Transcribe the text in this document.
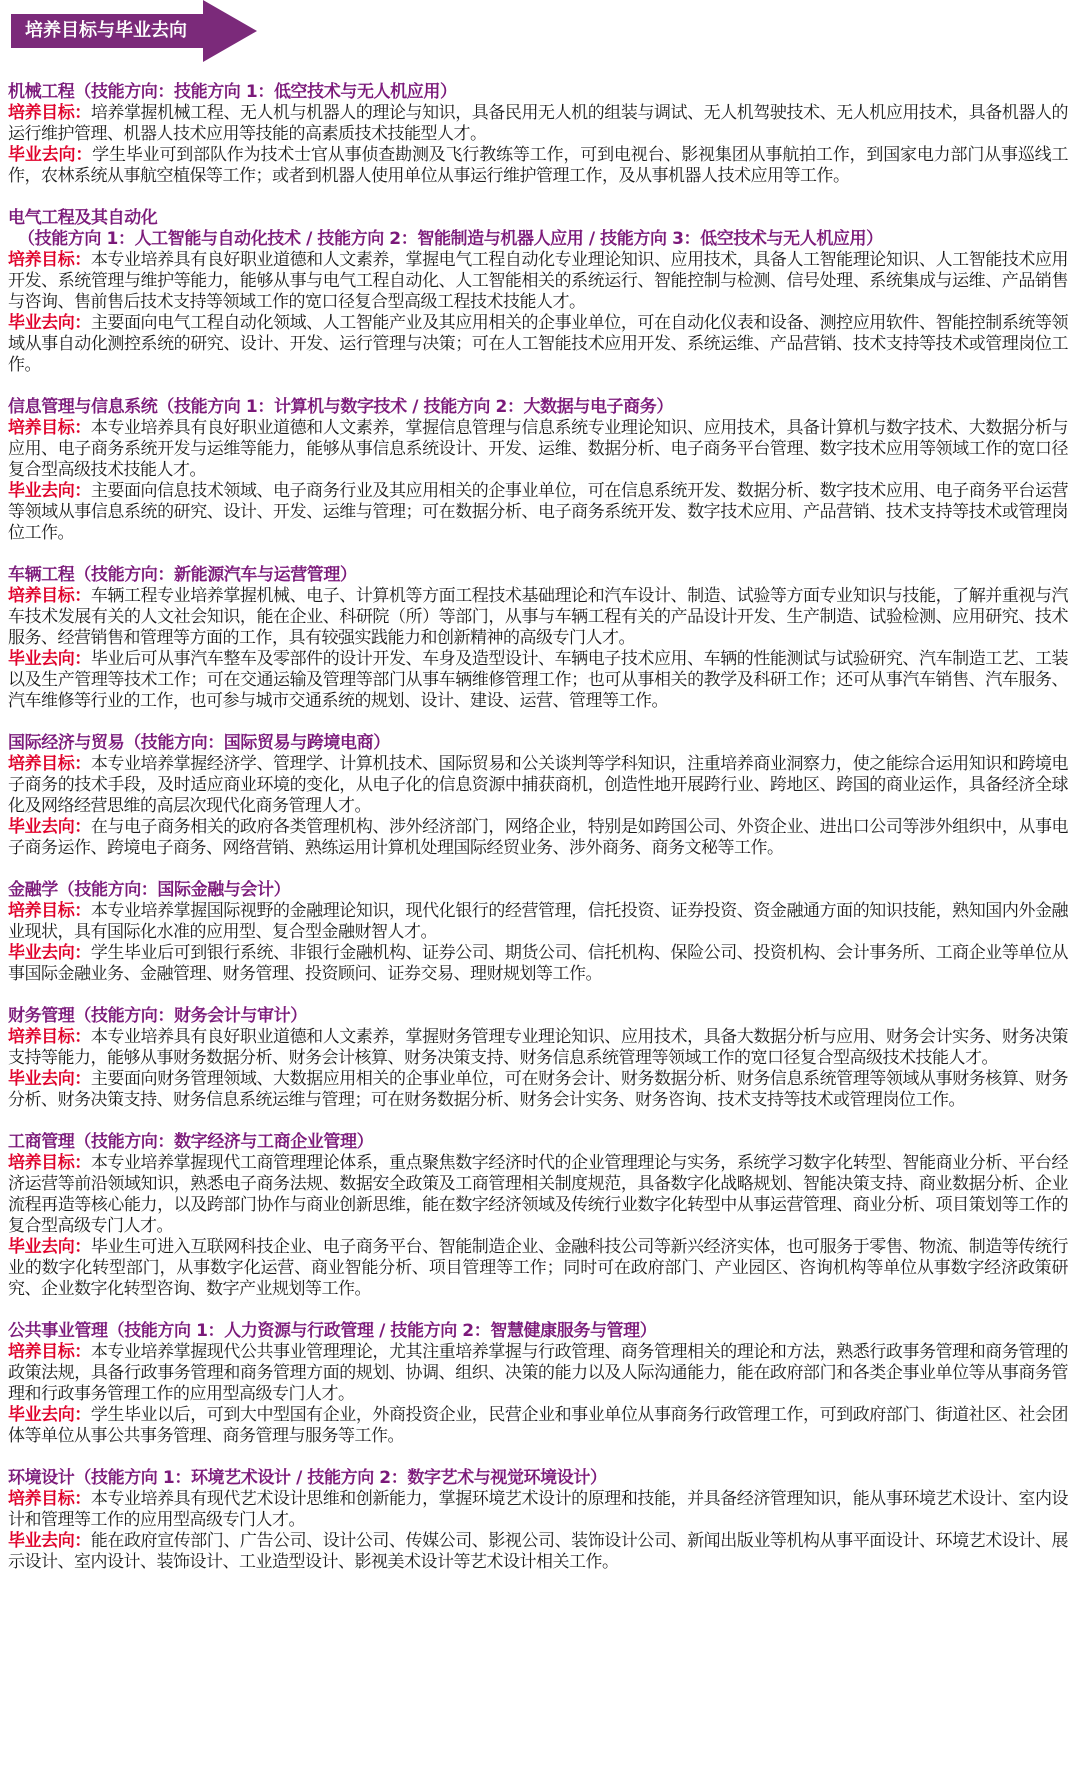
培养目标与毕业去向
机械工程（技能方向：技能方向 1：低空技术与无人机应用）
培养目标：培养掌握机械工程、无人机与机器人的理论与知识，具备民用无人机的组装与调试、无人机驾驶技术、无人机应用技术，具备机器人的运行维护管理、机器人技术应用等技能的高素质技术技能型人才。
毕业去向：学生毕业可到部队作为技术士官从事侦查勘测及飞行教练等工作，可到电视台、影视集团从事航拍工作，到国家电力部门从事巡线工作，农林系统从事航空植保等工作；或者到机器人使用单位从事运行维护管理工作，及从事机器人技术应用等工作。
电气工程及其自动化
（技能方向 1：人工智能与自动化技术 / 技能方向 2：智能制造与机器人应用 / 技能方向 3：低空技术与无人机应用）
培养目标：本专业培养具有良好职业道德和人文素养，掌握电气工程自动化专业理论知识、应用技术，具备人工智能理论知识、人工智能技术应用开发、系统管理与维护等能力，能够从事与电气工程自动化、人工智能相关的系统运行、智能控制与检测、信号处理、系统集成与运维、产品销售与咨询、售前售后技术支持等领域工作的宽口径复合型高级工程技术技能人才。
毕业去向：主要面向电气工程自动化领域、人工智能产业及其应用相关的企事业单位，可在自动化仪表和设备、测控应用软件、智能控制系统等领域从事自动化测控系统的研究、设计、开发、运行管理与决策；可在人工智能技术应用开发、系统运维、产品营销、技术支持等技术或管理岗位工作。
信息管理与信息系统（技能方向 1：计算机与数字技术 / 技能方向 2：大数据与电子商务）
培养目标：本专业培养具有良好职业道德和人文素养，掌握信息管理与信息系统专业理论知识、应用技术，具备计算机与数字技术、大数据分析与应用、电子商务系统开发与运维等能力，能够从事信息系统设计、开发、运维、数据分析、电子商务平台管理、数字技术应用等领域工作的宽口径复合型高级技术技能人才。
毕业去向：主要面向信息技术领域、电子商务行业及其应用相关的企事业单位，可在信息系统开发、数据分析、数字技术应用、电子商务平台运营等领域从事信息系统的研究、设计、开发、运维与管理；可在数据分析、电子商务系统开发、数字技术应用、产品营销、技术支持等技术或管理岗位工作。
车辆工程（技能方向：新能源汽车与运营管理）
培养目标：车辆工程专业培养掌握机械、电子、计算机等方面工程技术基础理论和汽车设计、制造、试验等方面专业知识与技能，了解并重视与汽车技术发展有关的人文社会知识，能在企业、科研院（所）等部门，从事与车辆工程有关的产品设计开发、生产制造、试验检测、应用研究、技术服务、经营销售和管理等方面的工作，具有较强实践能力和创新精神的高级专门人才。
毕业去向：毕业后可从事汽车整车及零部件的设计开发、车身及造型设计、车辆电子技术应用、车辆的性能测试与试验研究、汽车制造工艺、工装以及生产管理等技术工作；可在交通运输及管理等部门从事车辆维修管理工作；也可从事相关的教学及科研工作；还可从事汽车销售、汽车服务、汽车维修等行业的工作，也可参与城市交通系统的规划、设计、建设、运营、管理等工作。
国际经济与贸易（技能方向：国际贸易与跨境电商）
培养目标：本专业培养掌握经济学、管理学、计算机技术、国际贸易和公关谈判等学科知识，注重培养商业洞察力，使之能综合运用知识和跨境电子商务的技术手段，及时适应商业环境的变化，从电子化的信息资源中捕获商机，创造性地开展跨行业、跨地区、跨国的商业运作，具备经济全球化及网络经营思维的高层次现代化商务管理人才。
毕业去向：在与电子商务相关的政府各类管理机构、涉外经济部门，网络企业，特别是如跨国公司、外资企业、进出口公司等涉外组织中，从事电子商务运作、跨境电子商务、网络营销、熟练运用计算机处理国际经贸业务、涉外商务、商务文秘等工作。
金融学（技能方向：国际金融与会计）
培养目标：本专业培养掌握国际视野的金融理论知识，现代化银行的经营管理，信托投资、证券投资、资金融通方面的知识技能，熟知国内外金融业现状，具有国际化水准的应用型、复合型金融财智人才。
毕业去向：学生毕业后可到银行系统、非银行金融机构、证券公司、期货公司、信托机构、保险公司、投资机构、会计事务所、工商企业等单位从事国际金融业务、金融管理、财务管理、投资顾问、证券交易、理财规划等工作。
财务管理（技能方向：财务会计与审计）
培养目标：本专业培养具有良好职业道德和人文素养，掌握财务管理专业理论知识、应用技术，具备大数据分析与应用、财务会计实务、财务决策支持等能力，能够从事财务数据分析、财务会计核算、财务决策支持、财务信息系统管理等领域工作的宽口径复合型高级技术技能人才。
毕业去向：主要面向财务管理领域、大数据应用相关的企事业单位，可在财务会计、财务数据分析、财务信息系统管理等领域从事财务核算、财务分析、财务决策支持、财务信息系统运维与管理；可在财务数据分析、财务会计实务、财务咨询、技术支持等技术或管理岗位工作。
工商管理（技能方向：数字经济与工商企业管理）
培养目标：本专业培养掌握现代工商管理理论体系，重点聚焦数字经济时代的企业管理理论与实务，系统学习数字化转型、智能商业分析、平台经济运营等前沿领域知识，熟悉电子商务法规、数据安全政策及工商管理相关制度规范，具备数字化战略规划、智能决策支持、商业数据分析、企业流程再造等核心能力，以及跨部门协作与商业创新思维，能在数字经济领域及传统行业数字化转型中从事运营管理、商业分析、项目策划等工作的复合型高级专门人才。
毕业去向：毕业生可进入互联网科技企业、电子商务平台、智能制造企业、金融科技公司等新兴经济实体，也可服务于零售、物流、制造等传统行业的数字化转型部门，从事数字化运营、商业智能分析、项目管理等工作；同时可在政府部门、产业园区、咨询机构等单位从事数字经济政策研究、企业数字化转型咨询、数字产业规划等工作。
公共事业管理（技能方向 1：人力资源与行政管理 / 技能方向 2：智慧健康服务与管理）
培养目标：本专业培养掌握现代公共事业管理理论，尤其注重培养掌握与行政管理、商务管理相关的理论和方法，熟悉行政事务管理和商务管理的政策法规，具备行政事务管理和商务管理方面的规划、协调、组织、决策的能力以及人际沟通能力，能在政府部门和各类企事业单位等从事商务管理和行政事务管理工作的应用型高级专门人才。
毕业去向：学生毕业以后，可到大中型国有企业，外商投资企业，民营企业和事业单位从事商务行政管理工作，可到政府部门、街道社区、社会团体等单位从事公共事务管理、商务管理与服务等工作。
环境设计（技能方向 1：环境艺术设计 / 技能方向 2：数字艺术与视觉环境设计）
培养目标：本专业培养具有现代艺术设计思维和创新能力，掌握环境艺术设计的原理和技能，并具备经济管理知识，能从事环境艺术设计、室内设计和管理等工作的应用型高级专门人才。
毕业去向：能在政府宣传部门、广告公司、设计公司、传媒公司、影视公司、装饰设计公司、新闻出版业等机构从事平面设计、环境艺术设计、展示设计、室内设计、装饰设计、工业造型设计、影视美术设计等艺术设计相关工作。
